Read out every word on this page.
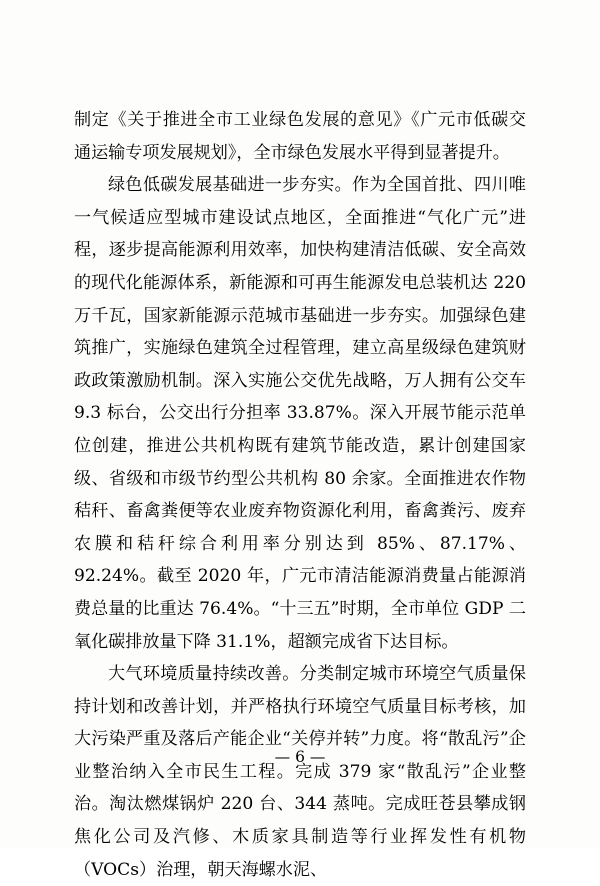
制定《关于推进全市工业绿色发展的意见》《广元市低碳交通运输专项发展规划》，全市绿色发展水平得到显著提升。

绿色低碳发展基础进一步夯实。作为全国首批、四川唯一气候适应型城市建设试点地区，全面推进“气化广元”进程，逐步提高能源利用效率，加快构建清洁低碳、安全高效的现代化能源体系，新能源和可再生能源发电总装机达 220 万千瓦，国家新能源示范城市基础进一步夯实。加强绿色建筑推广，实施绿色建筑全过程管理，建立高星级绿色建筑财政政策激励机制。深入实施公交优先战略，万人拥有公交车 9.3 标台，公交出行分担率 33.87%。深入开展节能示范单位创建，推进公共机构既有建筑节能改造，累计创建国家级、省级和市级节约型公共机构 80 余家。全面推进农作物秸秆、畜禽粪便等农业废弃物资源化利用，畜禽粪污、废弃农膜和秸秆综合利用率分别达到 85%、87.17%、92.24%。截至 2020 年，广元市清洁能源消费量占能源消费总量的比重达 76.4%。“十三五”时期，全市单位 GDP 二氧化碳排放量下降 31.1%，超额完成省下达目标。

大气环境质量持续改善。分类制定城市环境空气质量保持计划和改善计划，并严格执行环境空气质量目标考核，加大污染严重及落后产能企业“关停并转”力度。将“散乱污”企业整治纳入全市民生工程。完成 379 家“散乱污”企业整治。淘汰燃煤锅炉 220 台、344 蒸吨。完成旺苍县攀成钢焦化公司及汽修、木质家具制造等行业挥发性有机物（VOCs）治理，朝天海螺水泥、

— 6 —
